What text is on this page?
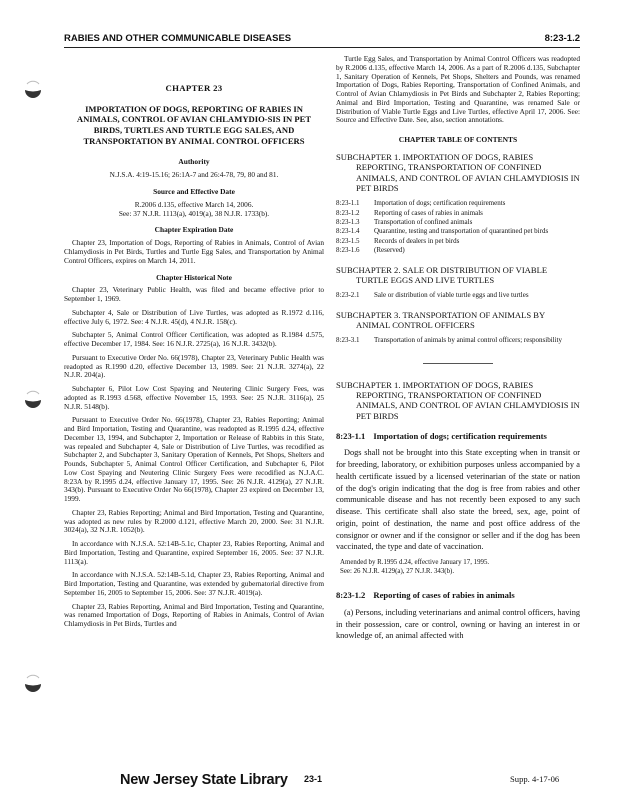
RABIES AND OTHER COMMUNICABLE DISEASES	8:23-1.2
CHAPTER 23
IMPORTATION OF DOGS, REPORTING OF RABIES IN ANIMALS, CONTROL OF AVIAN CHLAMYDIO-SIS IN PET BIRDS, TURTLES AND TURTLE EGG SALES, AND TRANSPORTATION BY ANIMAL CONTROL OFFICERS
Authority
N.J.S.A. 4:19-15.16; 26:1A-7 and 26:4-78, 79, 80 and 81.
Source and Effective Date
R.2006 d.135, effective March 14, 2006.
See: 37 N.J.R. 1113(a), 4019(a), 38 N.J.R. 1733(b).
Chapter Expiration Date

Chapter 23, Importation of Dogs, Reporting of Rabies in Animals, Control of Avian Chlamydiosis in Pet Birds, Turtles and Turtle Egg Sales, and Transportation by Animal Control Officers, expires on March 14, 2011.

Chapter Historical Note

Chapter 23, Veterinary Public Health, was filed and became effective prior to September 1, 1969.

Subchapter 4, Sale or Distribution of Live Turtles, was adopted as R.1972 d.116, effective July 6, 1972. See: 4 N.J.R. 45(d), 4 N.J.R. 158(c).

Subchapter 5, Animal Control Officer Certification, was adopted as R.1984 d.575, effective December 17, 1984. See: 16 N.J.R. 2725(a), 16 N.J.R. 3432(b).

Pursuant to Executive Order No. 66(1978), Chapter 23, Veterinary Public Health was readopted as R.1990 d.20, effective December 13, 1989. See: 21 N.J.R. 3274(a), 22 N.J.R. 204(a).

Subchapter 6, Pilot Low Cost Spaying and Neutering Clinic Surgery Fees, was adopted as R.1993 d.568, effective November 15, 1993. See: 25 N.J.R. 3116(a), 25 N.J.R. 5148(b).

Pursuant to Executive Order No. 66(1978), Chapter 23, Rabies Reporting; Animal and Bird Importation, Testing and Quarantine, was readopted as R.1995 d.24, effective December 13, 1994, and Subchapter 2, Importation or Release of Rabbits in this State, was repealed and Subchapter 4, Sale or Distribution of Live Turtles, was recodified as Subchapter 2, and Subchapter 3, Sanitary Operation of Kennels, Pet Shops, Shelters and Pounds, Subchapter 5, Animal Control Officer Certification, and Subchapter 6, Pilot Low Cost Spaying and Neutering Clinic Surgery Fees were recodified as N.J.A.C. 8:23A by R.1995 d.24, effective January 17, 1995. See: 26 N.J.R. 4129(a), 27 N.J.R. 343(b). Pursuant to Executive Order No 66(1978), Chapter 23 expired on December 13, 1999.

Chapter 23, Rabies Reporting; Animal and Bird Importation, Testing and Quarantine, was adopted as new rules by R.2000 d.121, effective March 20, 2000. See: 31 N.J.R. 3024(a), 32 N.J.R. 1052(b).

In accordance with N.J.S.A. 52:14B-5.1c, Chapter 23, Rabies Reporting, Animal and Bird Importation, Testing and Quarantine, expired September 16, 2005. See: 37 N.J.R. 1113(a).

In accordance with N.J.S.A. 52:14B-5.1d, Chapter 23, Rabies Reporting, Animal and Bird Importation, Testing and Quarantine, was extended by gubernatorial directive from September 16, 2005 to September 15, 2006. See: 37 N.J.R. 4019(a).

Chapter 23, Rabies Reporting, Animal and Bird Importation, Testing and Quarantine, was renamed Importation of Dogs, Reporting of Rabies in Animals, Control of Avian Chlamydiosis in Pet Birds, Turtles and

Turtle Egg Sales, and Transportation by Animal Control Officers was readopted by R.2006 d.135, effective March 14, 2006. As a part of R.2006 d.135, Subchapter 1, Sanitary Operation of Kennels, Pet Shops, Shelters and Pounds, was renamed Importation of Dogs, Rabies Reporting, Transportation of Confined Animals, and Control of Avian Chlamydiosis in Pet Birds and Subchapter 2, Rabies Reporting; Animal and Bird Importation, Testing and Quarantine, was renamed Sale or Distribution of Viable Turtle Eggs and Live Turtles, effective April 17, 2006. See: Source and Effective Date. See, also, section annotations.

CHAPTER TABLE OF CONTENTS
SUBCHAPTER 1. IMPORTATION OF DOGS, RABIES REPORTING, TRANSPORTATION OF CONFINED ANIMALS, AND CONTROL OF AVIAN CHLAMYDIOSIS IN PET BIRDS
8:23-1.1	Importation of dogs; certification requirements
8:23-1.2	Reporting of cases of rabies in animals
8:23-1.3	Transportation of confined animals
8:23-1.4	Quarantine, testing and transportation of quarantined pet birds
8:23-1.5	Records of dealers in pet birds
8:23-1.6	(Reserved)
SUBCHAPTER 2. SALE OR DISTRIBUTION OF VIABLE TURTLE EGGS AND LIVE TURTLES
8:23-2.1	Sale or distribution of viable turtle eggs and live turtles
SUBCHAPTER 3. TRANSPORTATION OF ANIMALS BY ANIMAL CONTROL OFFICERS
8:23-3.1	Transportation of animals by animal control officers; responsibility
SUBCHAPTER 1. IMPORTATION OF DOGS, RABIES REPORTING, TRANSPORTATION OF CONFINED ANIMALS, AND CONTROL OF AVIAN CHLAMYDIOSIS IN PET BIRDS
8:23-1.1 Importation of dogs; certification requirements

Dogs shall not be brought into this State excepting when in transit or for breeding, laboratory, or exhibition purposes unless accompanied by a health certificate issued by a licensed veterinarian of the state or nation of the dog's origin indicating that the dog is free from rabies and other communicable disease and has not recently been exposed to any such disease. This certificate shall also state the breed, sex, age, point of origin, point of destination, the name and post office address of the consignor or owner and if the consignor or seller and if the dog has been vaccinated, the type and date of vaccination.

Amended by R.1995 d.24, effective January 17, 1995.
See: 26 N.J.R. 4129(a), 27 N.J.R. 343(b).
8:23-1.2 Reporting of cases of rabies in animals

(a) Persons, including veterinarians and animal control officers, having in their possession, care or control, owning or having an interest in or knowledge of, an animal affected with

New Jersey State Library 23-1	Supp. 4-17-06
